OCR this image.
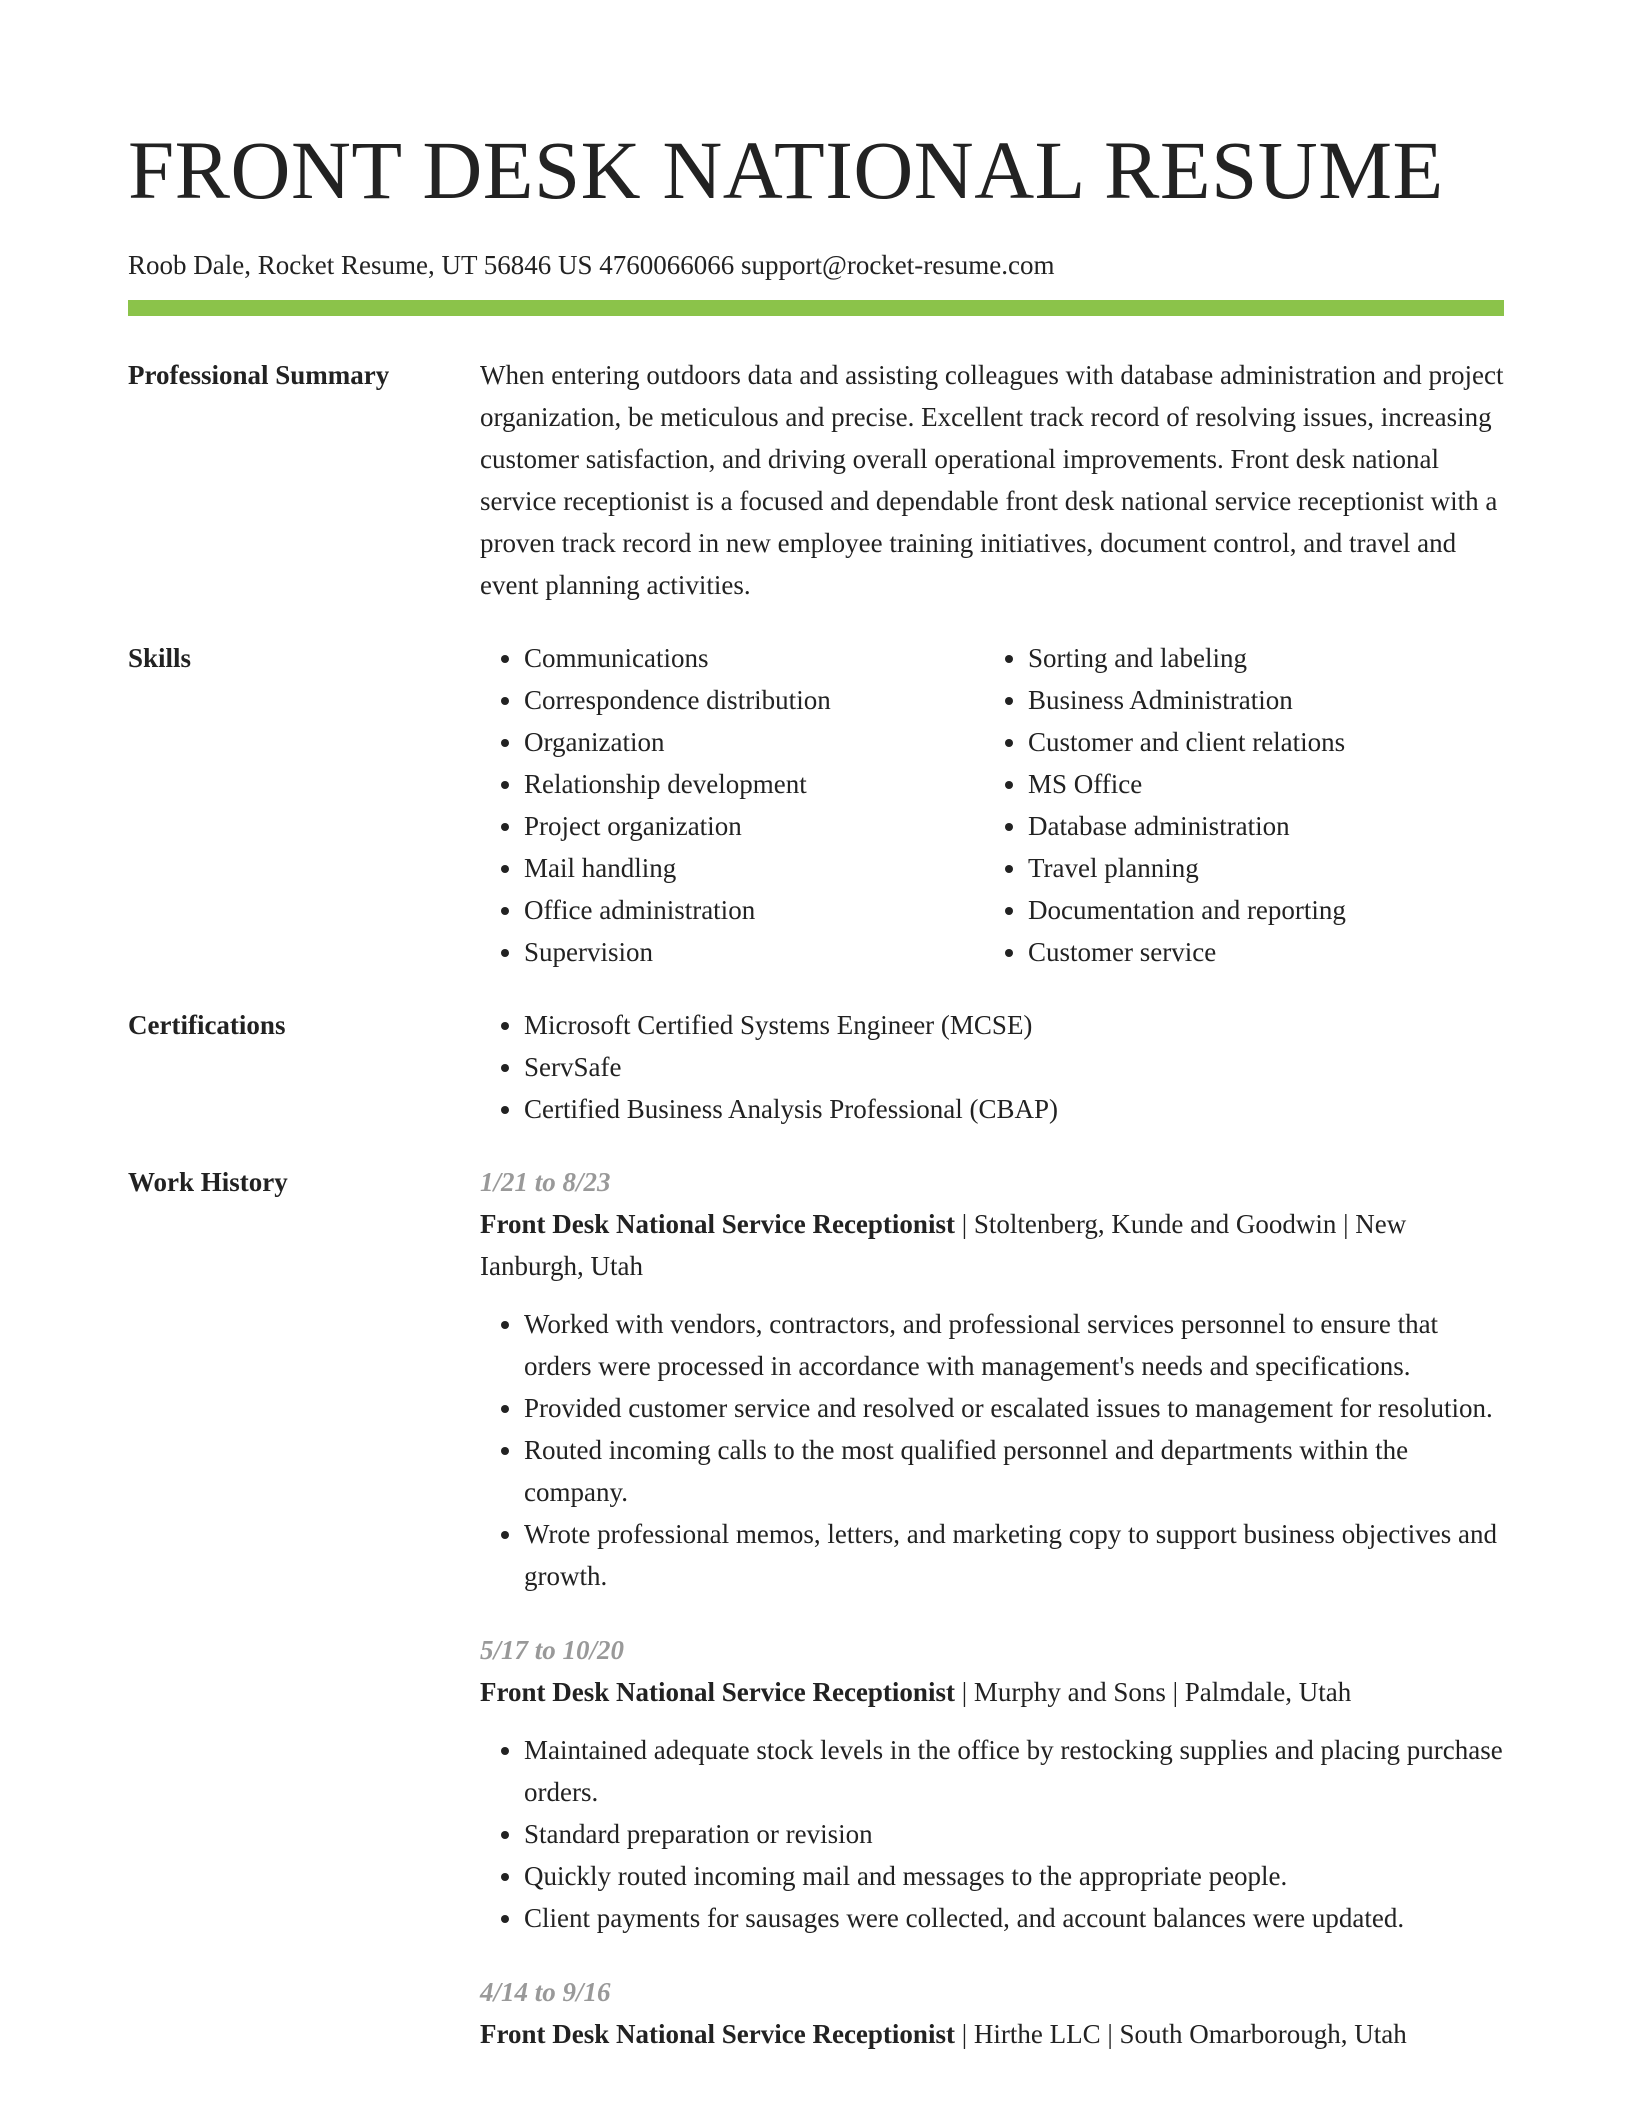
FRONT DESK NATIONAL RESUME
Roob Dale, Rocket Resume, UT 56846 US 4760066066 support@rocket-resume.com
Professional Summary	When entering outdoors data and assisting colleagues with database administration and project organization, be meticulous and precise. Excellent track record of resolving issues, increasing customer satisfaction, and driving overall operational improvements. Front desk national service receptionist is a focused and dependable front desk national service receptionist with a proven track record in new employee training initiatives, document control, and travel and event planning activities.

Skills	• Communications
• Correspondence distribution
• Organization
• Relationship development
• Project organization
• Mail handling
• Office administration
• Supervision
• Sorting and labeling
• Business Administration
• Customer and client relations
• MS Office
• Database administration
• Travel planning
• Documentation and reporting
• Customer service
Certifications	• Microsoft Certified Systems Engineer (MCSE)
• ServSafe
• Certified Business Analysis Professional (CBAP)
Work History	1/21 to 8/23

Front Desk National Service Receptionist | Stoltenberg, Kunde and Goodwin | New Ianburgh, Utah

• Worked with vendors, contractors, and professional services personnel to ensure that orders were processed in accordance with management's needs and specifications.
• Provided customer service and resolved or escalated issues to management for resolution.
• Routed incoming calls to the most qualified personnel and departments within the company.
• Wrote professional memos, letters, and marketing copy to support business objectives and growth.
5/17 to 10/20

Front Desk National Service Receptionist | Murphy and Sons | Palmdale, Utah

• Maintained adequate stock levels in the office by restocking supplies and placing purchase orders.
• Standard preparation or revision
• Quickly routed incoming mail and messages to the appropriate people.
• Client payments for sausages were collected, and account balances were updated.
4/14 to 9/16

Front Desk National Service Receptionist | Hirthe LLC | South Omarborough, Utah
